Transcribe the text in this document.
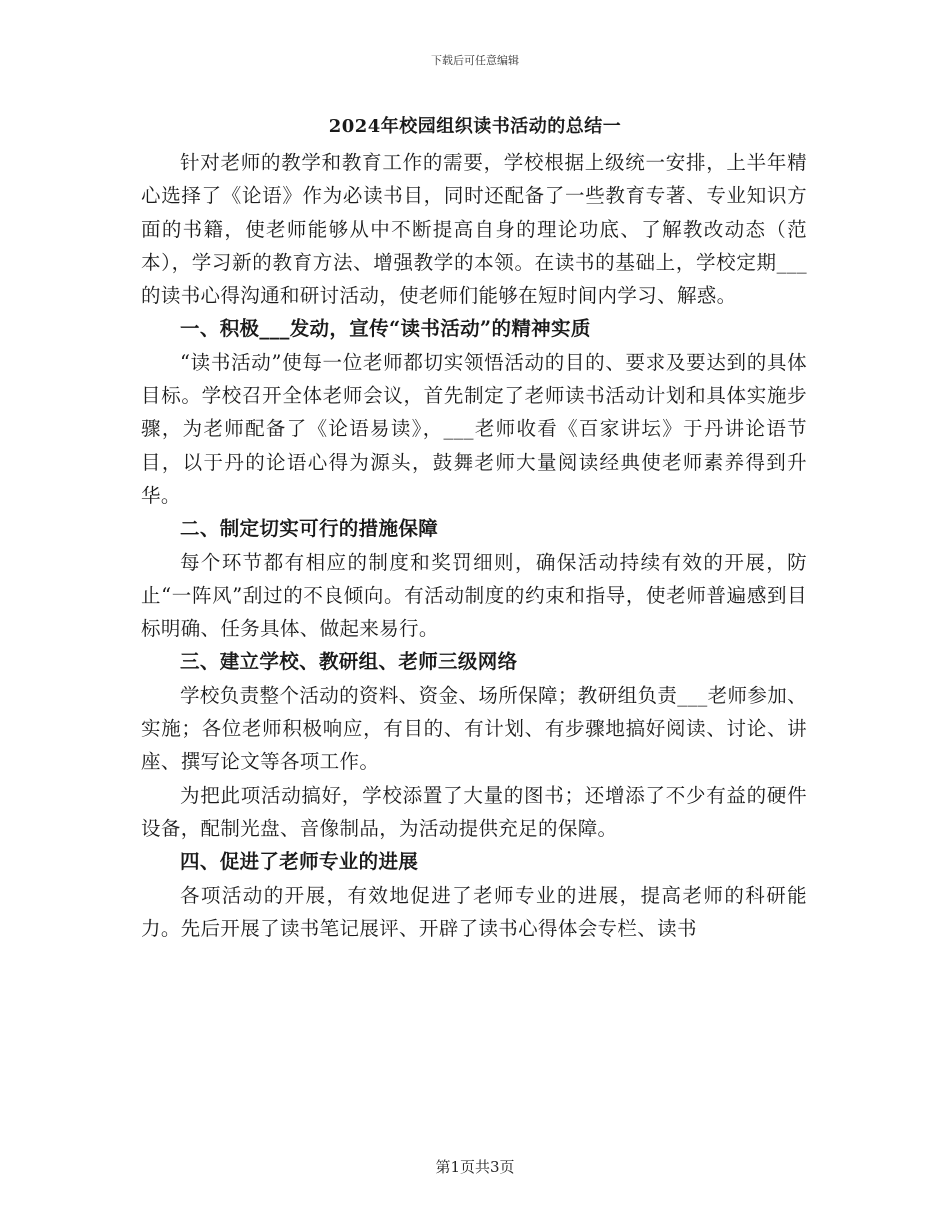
下载后可任意编辑
2024年校园组织读书活动的总结一

针对老师的教学和教育工作的需要，学校根据上级统一安排，上半年精心选择了《论语》作为必读书目，同时还配备了一些教育专著、专业知识方面的书籍，使老师能够从中不断提高自身的理论功底、了解教改动态（范本），学习新的教育方法、增强教学的本领。在读书的基础上，学校定期___的读书心得沟通和研讨活动，使老师们能够在短时间内学习、解惑。

一、积极___发动，宣传“读书活动”的精神实质

“读书活动”使每一位老师都切实领悟活动的目的、要求及要达到的具体目标。学校召开全体老师会议，首先制定了老师读书活动计划和具体实施步骤，为老师配备了《论语易读》，___老师收看《百家讲坛》于丹讲论语节目，以于丹的论语心得为源头，鼓舞老师大量阅读经典使老师素养得到升华。

二、制定切实可行的措施保障

每个环节都有相应的制度和奖罚细则，确保活动持续有效的开展，防止“一阵风”刮过的不良倾向。有活动制度的约束和指导，使老师普遍感到目标明确、任务具体、做起来易行。

三、建立学校、教研组、老师三级网络

学校负责整个活动的资料、资金、场所保障；教研组负责___老师参加、实施；各位老师积极响应，有目的、有计划、有步骤地搞好阅读、讨论、讲座、撰写论文等各项工作。

为把此项活动搞好，学校添置了大量的图书；还增添了不少有益的硬件设备，配制光盘、音像制品，为活动提供充足的保障。

四、促进了老师专业的进展

各项活动的开展，有效地促进了老师专业的进展，提高老师的科研能力。先后开展了读书笔记展评、开辟了读书心得体会专栏、读书

第1页共3页
